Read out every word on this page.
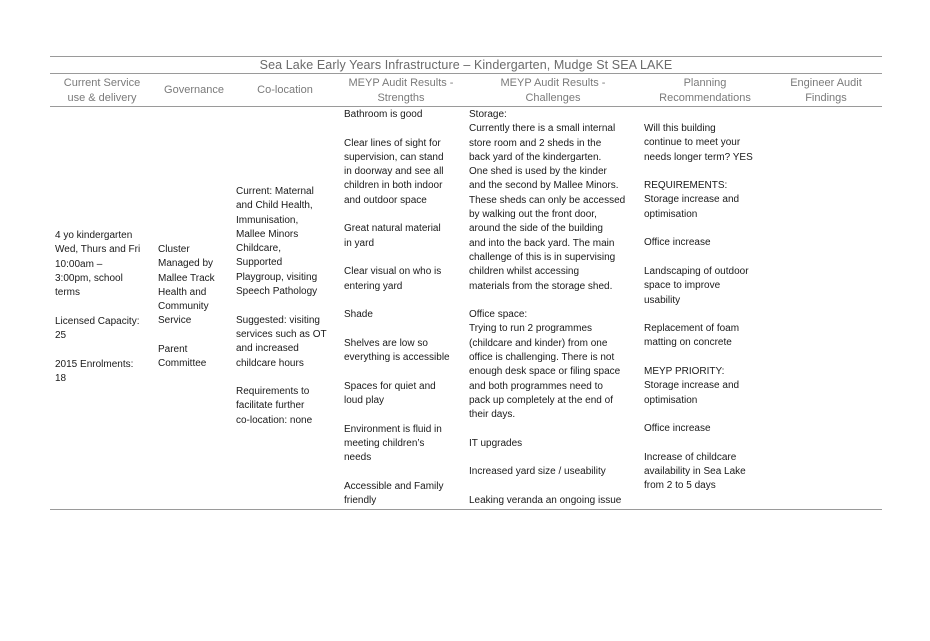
Sea Lake Early Years Infrastructure – Kindergarten, Mudge St SEA LAKE
Current Service
use & delivery
Governance	Co-location
MEYP Audit Results -
Strengths
MEYP Audit Results -
Challenges
Planning
Recommendations
Engineer Audit
Findings

4 yo kindergarten
Wed, Thurs and Fri
10:00am –
3:00pm, school
terms

Licensed Capacity:
25

2015 Enrolments:
18

Cluster
Managed by
Mallee Track
Health and
Community
Service

Parent
Committee

Current: Maternal
and Child Health,
Immunisation,
Mallee Minors
Childcare,
Supported
Playgroup, visiting
Speech Pathology

Suggested: visiting
services such as OT
and increased
childcare hours

Requirements to
facilitate further
co-location: none

Bathroom is good

Clear lines of sight for
supervision, can stand
in doorway and see all
children in both indoor
and outdoor space

Great natural material
in yard

Clear visual on who is
entering yard

Shade

Shelves are low so
everything is accessible

Spaces for quiet and
loud play

Environment is fluid in
meeting children’s
needs

Accessible and Family
friendly

Storage:
Currently there is a small internal
store room and 2 sheds in the
back yard of the kindergarten.
One shed is used by the kinder
and the second by Mallee Minors.
These sheds can only be accessed
by walking out the front door,
around the side of the building
and into the back yard. The main
challenge of this is in supervising
children whilst accessing
materials from the storage shed.

Office space:
Trying to run 2 programmes
(childcare and kinder) from one
office is challenging. There is not
enough desk space or filing space
and both programmes need to
pack up completely at the end of
their days.

IT upgrades

Increased yard size / useability

Leaking veranda an ongoing issue

Will this building
continue to meet your
needs longer term? YES

REQUIREMENTS:
Storage increase and
optimisation

Office increase

Landscaping of outdoor
space to improve
usability

Replacement of foam
matting on concrete

MEYP PRIORITY:
Storage increase and
optimisation

Office increase

Increase of childcare
availability in Sea Lake
from 2 to 5 days
